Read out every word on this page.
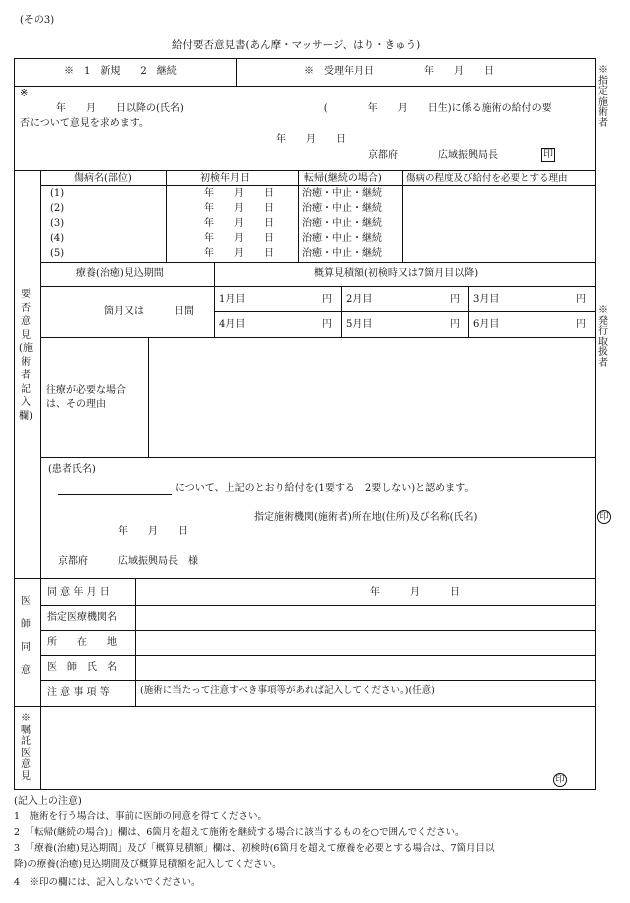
(その3)
給付要否意見書(あん摩・マッサージ、はり・きゅう)
※　1　新規　　2　継続	※　受理年月日　　　　　年　　月　　日
※
年　　月　　日以降の(氏名)　　　　　　　　　　　　　　(　　　　年　　月　　日生)に係る施術の給付の要
否について意見を求めます。
年　　月　　日
京都府　　　　広域振興局長	印
要否意見(施術者記入欄)
傷病名(部位)	初検年月日	転帰(継続の場合)	傷病の程度及び給付を必要とする理由
(1)	年　　月　　日	治癒・中止・継続
(2)	年　　月　　日	治癒・中止・継続
(3)	年　　月　　日	治癒・中止・継続
(4)	年　　月　　日	治癒・中止・継続
(5)	年　　月　　日	治癒・中止・継続
療養(治癒)見込期間	概算見積額(初検時又は7箇月目以降)
箇月又は　　　日間
1月目	円 2月目	円 3月目	円
4月目	円 5月目	円 6月目	円
往療が必要な場合は、その理由
(患者氏名)
について、上記のとおり給付を(1要する　2要しない)と認めます。
指定施術機関(施術者)所在地(住所)及び名称(氏名)
年　　月　　日
京都府　　　広域振興局長　様
医師同意
同 意 年 月 日	年　　　月　　　日
指定医療機関名
所　　在　　地
医　師　氏　名
注 意 事 項 等	(施術に当たって注意すべき事項等があれば記入してください。)(任意)
※嘱託医意見	印
※指定施術者
※発行取扱者
印
(記入上の注意)
1　施術を行う場合は、事前に医師の同意を得てください。
2　「転帰(継続の場合)」欄は、6箇月を超えて施術を継続する場合に該当するものを○で囲んでください。
3　「療養(治癒)見込期間」及び「概算見積額」欄は、初検時(6箇月を超えて療養を必要とする場合は、7箇月目以
降)の療養(治癒)見込期間及び概算見積額を記入してください。
4　※印の欄には、記入しないでください。
